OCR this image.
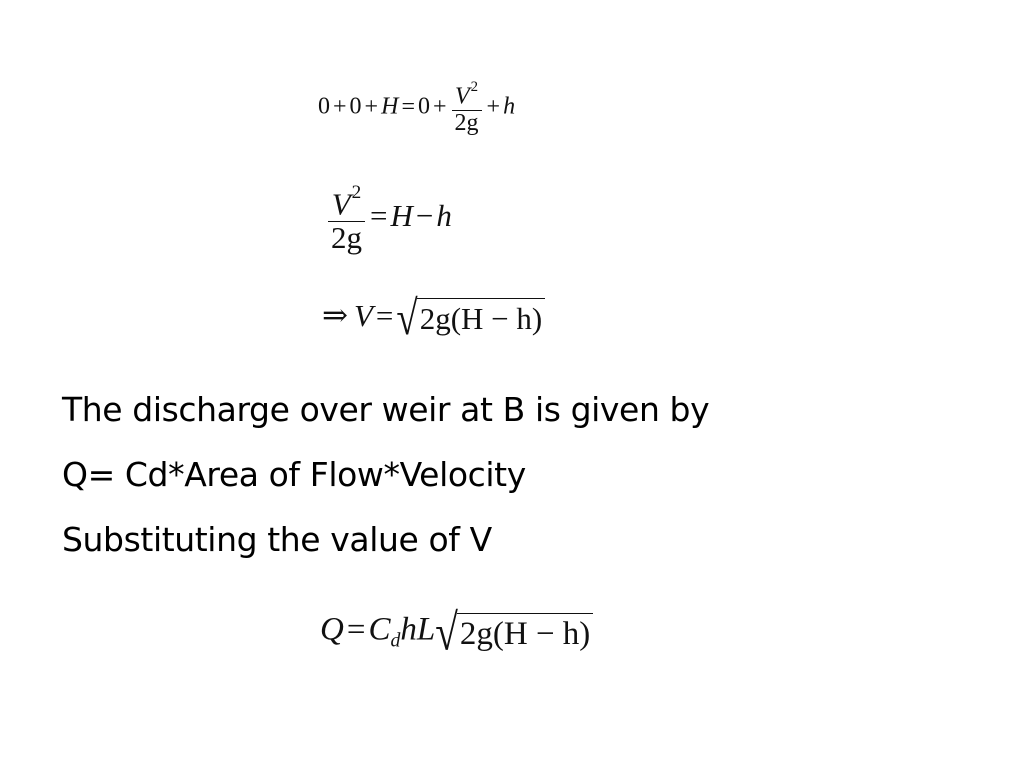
$0 + 0 + H = 0 + \frac{V^2}{2g} + h$
$\frac{V^2}{2g} =H-h$
⇒ V=√2g(H − h)
The discharge over weir at B is given by
Q= Cd*Area of Flow*Velocity
Substituting the value of V
$Q=C_dhL√2g(H - h)$
